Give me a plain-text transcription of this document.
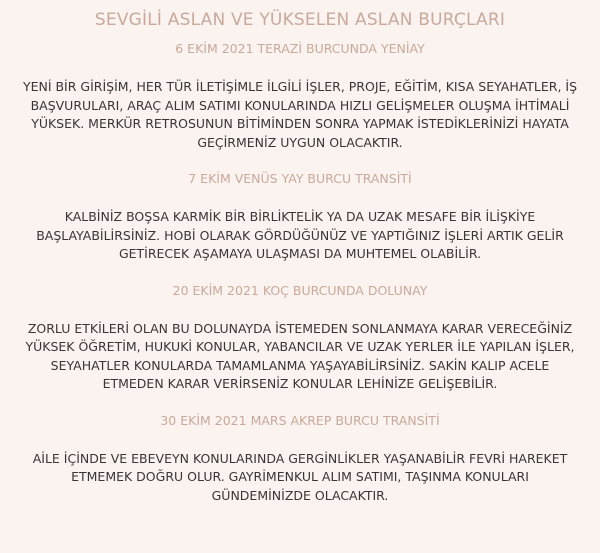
SEVGİLİ ASLAN VE YÜKSELEN ASLAN BURÇLARI
6 EKİM 2021 TERAZİ BURCUNDA YENİAY

YENİ BİR GİRİŞİM, HER TÜR İLETİŞİMLE İLGİLİ İŞLER, PROJE, EĞİTİM, KISA SEYAHATLER, İŞ
BAŞVURULARI, ARAÇ ALIM SATIMI KONULARINDA HIZLI GELİŞMELER OLUŞMA İHTİMALİ
YÜKSEK. MERKÜR RETROSUNUN BİTİMİNDEN SONRA YAPMAK İSTEDİKLERİNİZİ HAYATA
GEÇİRMENİZ UYGUN OLACAKTIR.

7 EKİM VENÜS YAY BURCU TRANSİTİ

KALBİNİZ BOŞSA KARMİK BİR BİRLİKTELİK YA DA UZAK MESAFE BİR İLİŞKİYE
BAŞLAYABİLİRSİNİZ. HOBİ OLARAK GÖRDÜĞÜNÜZ VE YAPTIĞINIZ İŞLERİ ARTIK GELİR
GETİRECEK AŞAMAYA ULAŞMASI DA MUHTEMEL OLABİLİR.

20 EKİM 2021 KOÇ BURCUNDA DOLUNAY

ZORLU ETKİLERİ OLAN BU DOLUNAYDA İSTEMEDEN SONLANMAYA KARAR VERECEĞİNİZ
YÜKSEK ÖĞRETİM, HUKUKİ KONULAR, YABANCILAR VE UZAK YERLER İLE YAPILAN İŞLER,
SEYAHATLER KONULARDA TAMAMLANMA YAŞAYABİLİRSİNİZ. SAKİN KALIP ACELE
ETMEDEN KARAR VERİRSENİZ KONULAR LEHİNİZE GELİŞEBİLİR.

30 EKİM 2021 MARS AKREP BURCU TRANSİTİ

AİLE İÇİNDE VE EBEVEYN KONULARINDA GERGİNLİKLER YAŞANABİLİR FEVRİ HAREKET
ETMEMEK DOĞRU OLUR. GAYRİMENKUL ALIM SATIMI, TAŞINMA KONULARI
GÜNDEMİNİZDE OLACAKTIR.
